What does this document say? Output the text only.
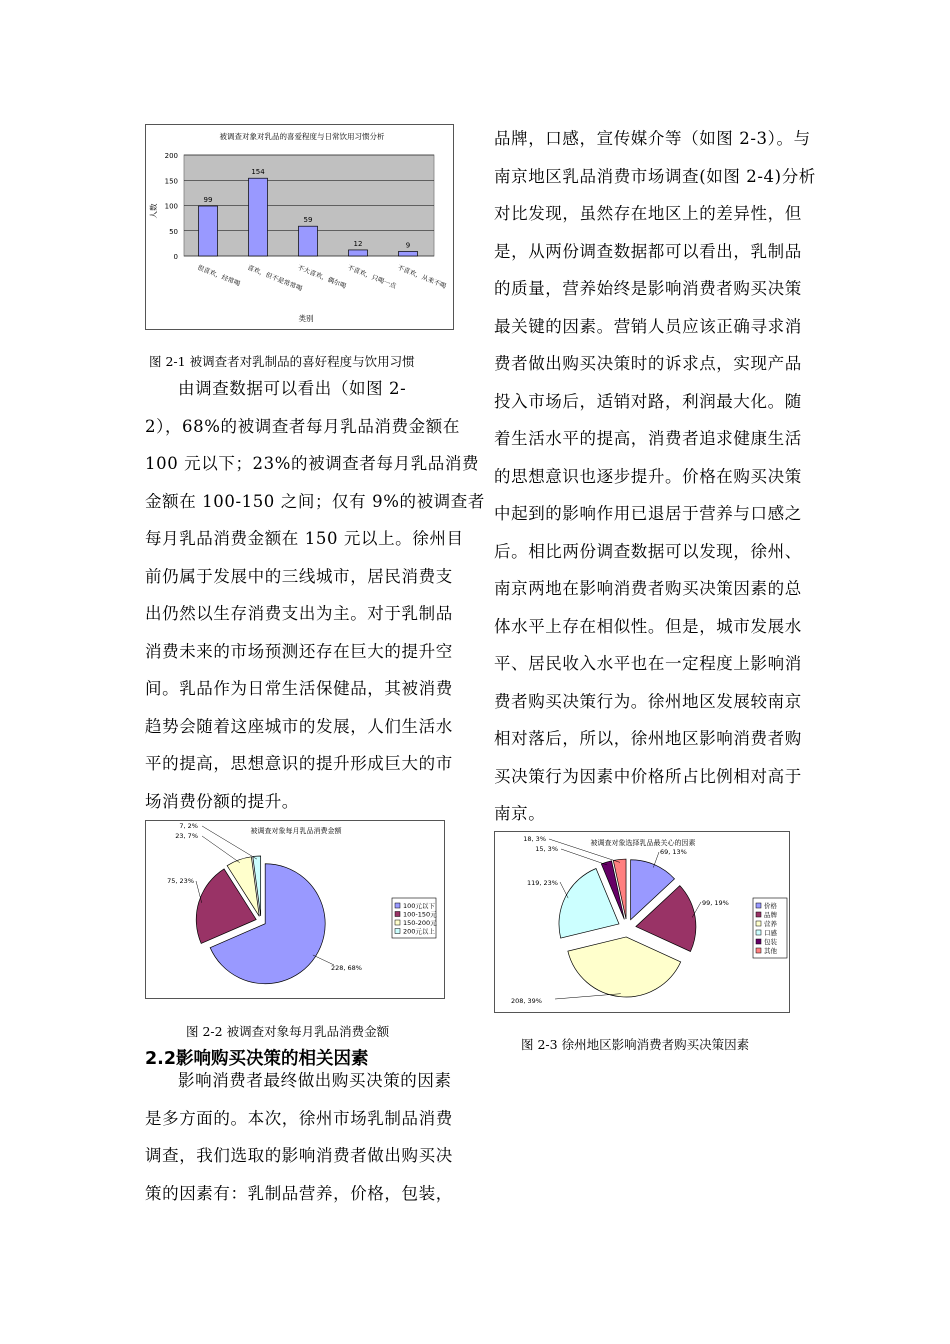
被调查对象对乳品的喜爱程度与日常饮用习惯分析
人数
类别
0
50
100
150
200
99
很喜欢，经常喝
154
喜欢，但不是常常喝
59
不大喜欢，偶尔喝
12
不喜欢，只喝一点
9
不喜欢，从来不喝
图 2-1 被调查者对乳制品的喜好程度与饮用习惯

由调查数据可以看出（如图 2-
2），68%的被调查者每月乳品消费金额在
100 元以下；23%的被调查者每月乳品消费
金额在 100-150 之间；仅有 9%的被调查者
每月乳品消费金额在 150 元以上。徐州目
前仍属于发展中的三线城市，居民消费支
出仍然以生存消费支出为主。对于乳制品
消费未来的市场预测还存在巨大的提升空
间。乳品作为日常生活保健品，其被消费
趋势会随着这座城市的发展，人们生活水
平的提高，思想意识的提升形成巨大的市
场消费份额的提升。

被调查对象每月乳品消费金额
228, 68%
75, 23%
23, 7%
7, 2%
100元以下
100-150元
150-200元
200元以上
图 2-2 被调查对象每月乳品消费金额
2.2影响购买决策的相关因素

影响消费者最终做出购买决策的因素
是多方面的。本次，徐州市场乳制品消费
调查，我们选取的影响消费者做出购买决
策的因素有：乳制品营养，价格，包装，

品牌，口感，宣传媒介等（如图 2-3）。与
南京地区乳品消费市场调查(如图 2-4)分析
对比发现，虽然存在地区上的差异性，但
是，从两份调查数据都可以看出，乳制品
的质量，营养始终是影响消费者购买决策
最关键的因素。营销人员应该正确寻求消
费者做出购买决策时的诉求点，实现产品
投入市场后，适销对路，利润最大化。随
着生活水平的提高，消费者追求健康生活
的思想意识也逐步提升。价格在购买决策
中起到的影响作用已退居于营养与口感之
后。相比两份调查数据可以发现，徐州、
南京两地在影响消费者购买决策因素的总
体水平上存在相似性。但是，城市发展水
平、居民收入水平也在一定程度上影响消
费者购买决策行为。徐州地区发展较南京
相对落后，所以，徐州地区影响消费者购
买决策行为因素中价格所占比例相对高于
南京。

被调查对象选择乳品最关心的因素
69, 13%
99, 19%
208, 39%
119, 23%
15, 3%
18, 3%
价格
品牌
营养
口感
包装
其他
图 2-3 徐州地区影响消费者购买决策因素
